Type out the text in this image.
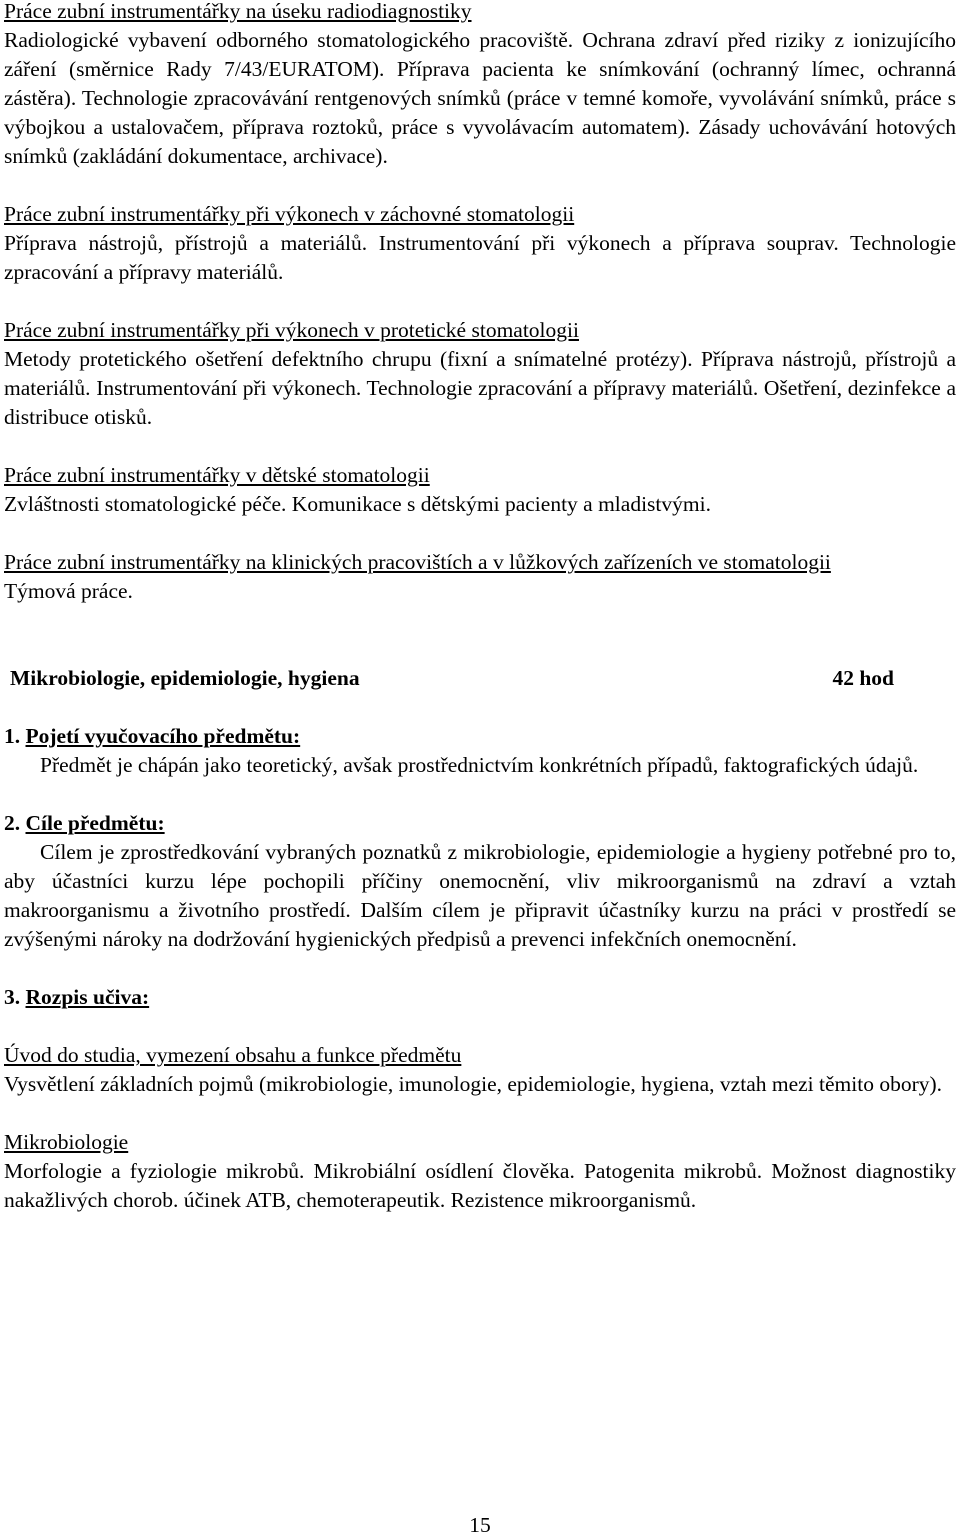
Práce zubní instrumentářky na úseku radiodiagnostiky

Radiologické vybavení odborného stomatologického pracoviště. Ochrana zdraví před riziky z ionizujícího záření (směrnice Rady 7/43/EURATOM). Příprava pacienta ke snímkování (ochranný límec, ochranná zástěra). Technologie zpracovávání rentgenových snímků (práce v temné komoře, vyvolávání snímků, práce s výbojkou a ustalovačem, příprava roztoků, práce s vyvolávacím automatem). Zásady uchovávání hotových snímků (zakládání dokumentace, archivace).

Práce zubní instrumentářky při výkonech v záchovné stomatologii

Příprava nástrojů, přístrojů a materiálů. Instrumentování při výkonech a příprava souprav. Technologie zpracování a přípravy materiálů.

Práce zubní instrumentářky při výkonech v protetické stomatologii

Metody protetického ošetření defektního chrupu (fixní a snímatelné protézy). Příprava nástrojů, přístrojů a materiálů. Instrumentování při výkonech. Technologie zpracování a přípravy materiálů. Ošetření, dezinfekce a distribuce otisků.

Práce zubní instrumentářky v dětské stomatologii

Zvláštnosti stomatologické péče. Komunikace s dětskými pacienty a mladistvými.

Práce zubní instrumentářky na klinických pracovištích a v lůžkových zařízeních ve stomatologii

Týmová práce.

Mikrobiologie, epidemiologie, hygiena	42 hod

1. Pojetí vyučovacího předmětu:

Předmět je chápán jako teoretický, avšak prostřednictvím konkrétních případů, faktografických údajů.

2. Cíle předmětu:

Cílem je zprostředkování vybraných poznatků z mikrobiologie, epidemiologie a hygieny potřebné pro to, aby účastníci kurzu lépe pochopili příčiny onemocnění, vliv mikroorganismů na zdraví a vztah makroorganismu a životního prostředí. Dalším cílem je připravit účastníky kurzu na práci v prostředí se zvýšenými nároky na dodržování hygienických předpisů a prevenci infekčních onemocnění.

3. Rozpis učiva:

Úvod do studia, vymezení obsahu a funkce předmětu

Vysvětlení základních pojmů (mikrobiologie, imunologie, epidemiologie, hygiena, vztah mezi těmito obory).

Mikrobiologie

Morfologie a fyziologie mikrobů. Mikrobiální osídlení člověka. Patogenita mikrobů. Možnost diagnostiky nakažlivých chorob. účinek ATB, chemoterapeutik. Rezistence mikroorganismů.

15
